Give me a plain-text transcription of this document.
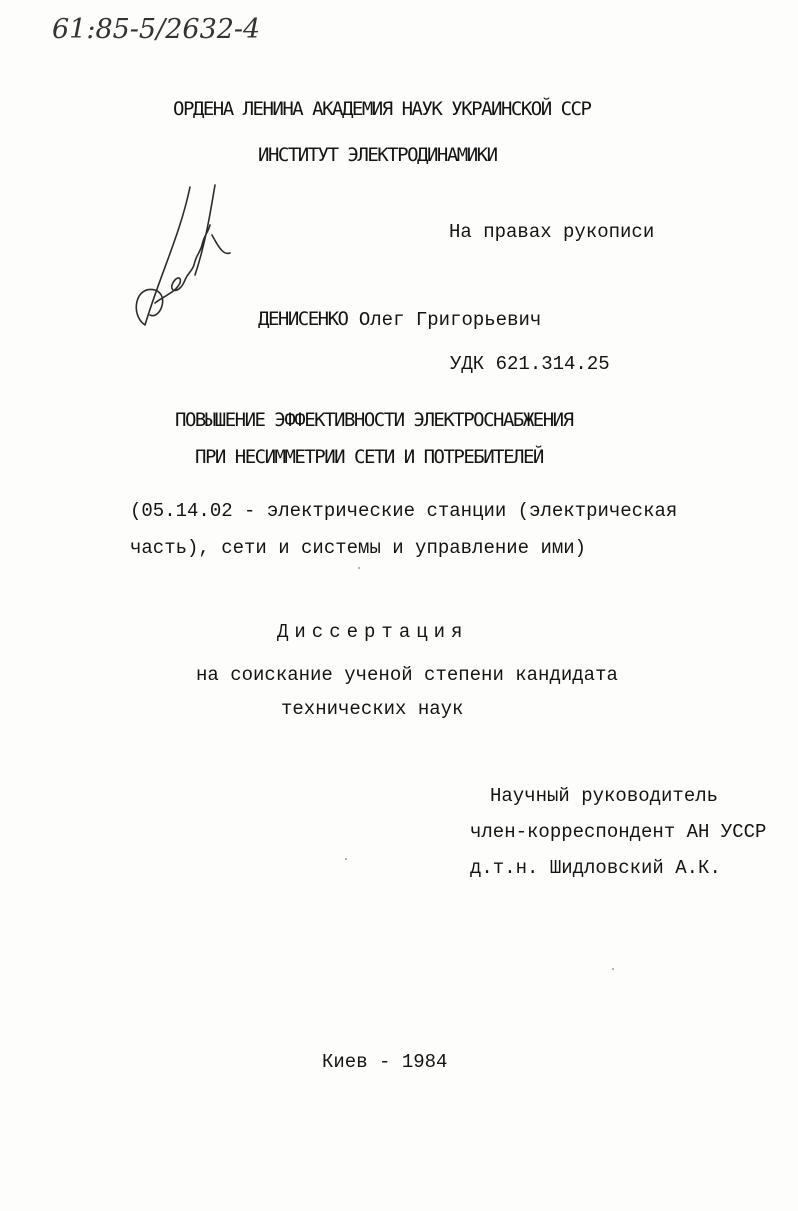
61:85-5/2632-4
ОРДЕНА ЛЕНИНА АКАДЕМИЯ НАУК УКРАИНСКОЙ ССР
ИНСТИТУТ ЭЛЕКТРОДИНАМИКИ
На правах рукописи
ДЕНИСЕНКО Олег Григорьевич
УДК 621.314.25
ПОВЫШЕНИЕ ЭФФЕКТИВНОСТИ ЭЛЕКТРОСНАБЖЕНИЯ
ПРИ НЕСИММЕТРИИ СЕТИ И ПОТРЕБИТЕЛЕЙ
(05.14.02 - электрические станции (электрическая
часть), сети и системы и управление ими)
Диссертация
на соискание ученой степени кандидата
технических наук
Научный руководитель
член-корреспондент АН УССР
д.т.н. Шидловский А.К.
Киев - 1984
